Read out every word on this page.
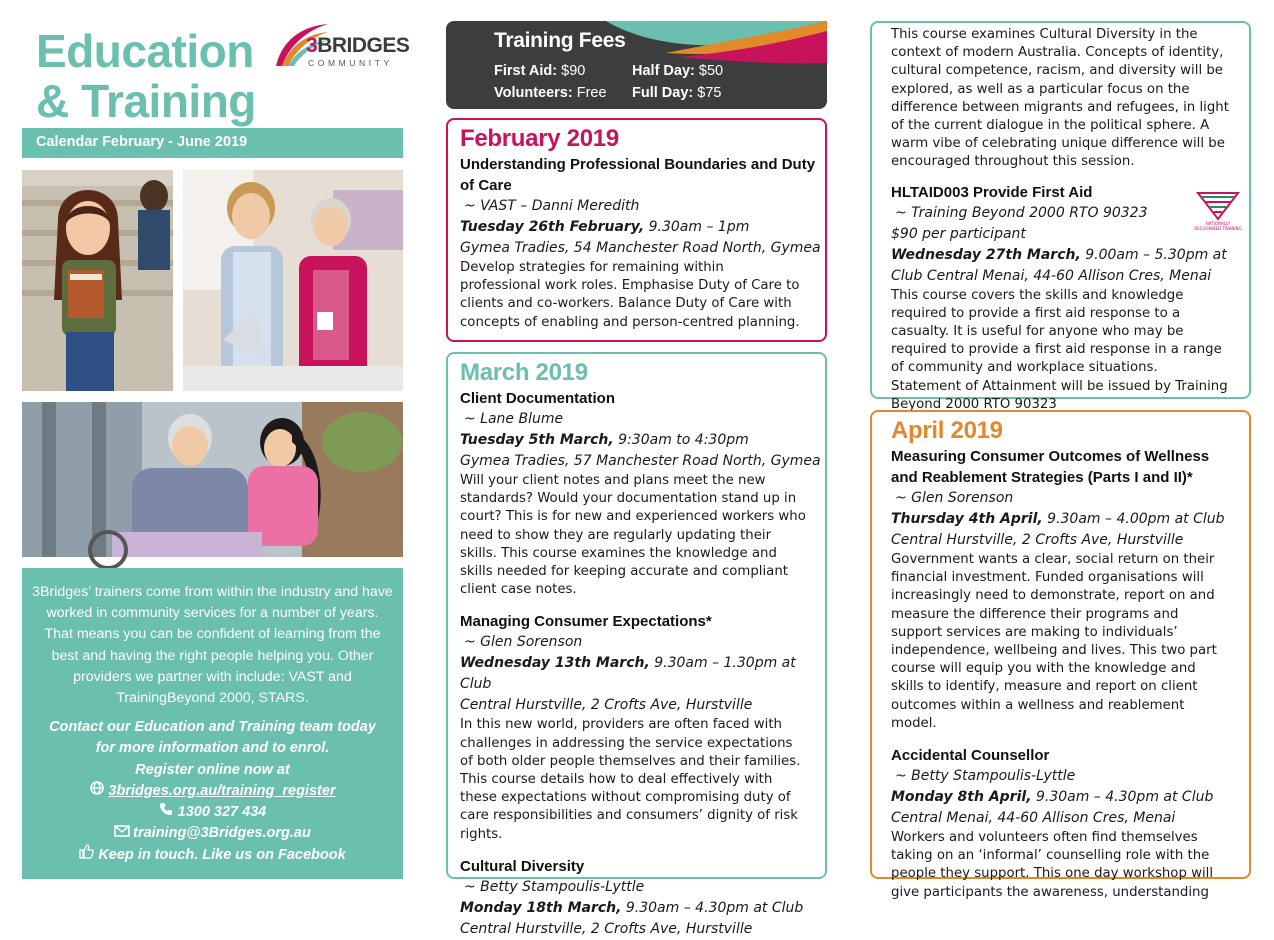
Education
& Training
3BRIDGES
COMMUNITY
Calendar February - June 2019

3Bridges’ trainers come from within the industry and have worked in community services for a number of years. That means you can be confident of learning from the best and having the right people helping you. Other providers we partner with include: VAST and TrainingBeyond 2000, STARS.

Contact our Education and Training team today
for more information and to enrol.
Register online now at
3bridges.org.au/training_register
1300 327 434
training@3Bridges.org.au
Keep in touch. Like us on Facebook
Training Fees
First Aid: $90	Half Day: $50
Volunteers: Free Full Day: $75
February 2019
Understanding Professional Boundaries and Duty of Care
~ VAST – Danni Meredith
Tuesday 26th February, 9.30am – 1pm
Gymea Tradies, 54 Manchester Road North, Gymea
Develop strategies for remaining within professional work roles. Emphasise Duty of Care to clients and co-workers. Balance Duty of Care with concepts of enabling and person-centred planning.
March 2019
Client Documentation
~ Lane Blume
Tuesday 5th March, 9:30am to 4:30pm
Gymea Tradies, 57 Manchester Road North, Gymea
Will your client notes and plans meet the new standards? Would your documentation stand up in court? This is for new and experienced workers who need to show they are regularly updating their skills. This course examines the knowledge and skills needed for keeping accurate and compliant client case notes.
Managing Consumer Expectations*
~ Glen Sorenson
Wednesday 13th March, 9.30am – 1.30pm at Club
Central Hurstville, 2 Crofts Ave, Hurstville
In this new world, providers are often faced with challenges in addressing the service expectations of both older people themselves and their families. This course details how to deal effectively with these expectations without compromising duty of care responsibilities and consumers’ dignity of risk rights.
Cultural Diversity
~ Betty Stampoulis-Lyttle
Monday 18th March, 9.30am – 4.30pm at Club
Central Hurstville, 2 Crofts Ave, Hurstville
This course examines Cultural Diversity in the context of modern Australia. Concepts of identity, cultural competence, racism, and diversity will be explored, as well as a particular focus on the difference between migrants and refugees, in light of the current dialogue in the political sphere. A warm vibe of celebrating unique difference will be encouraged throughout this session.
HLTAID003 Provide First Aid
~ Training Beyond 2000 RTO 90323
$90 per participant
Wednesday 27th March, 9.00am – 5.30pm at
Club Central Menai, 44-60 Allison Cres, Menai
This course covers the skills and knowledge required to provide a first aid response to a casualty. It is useful for anyone who may be required to provide a first aid response in a range of community and workplace situations. Statement of Attainment will be issued by Training Beyond 2000 RTO 90323
NATIONALLY RECOGNISED TRAINING
April 2019
Measuring Consumer Outcomes of Wellness and Reablement Strategies (Parts I and II)*
~ Glen Sorenson
Thursday 4th April, 9.30am – 4.00pm at Club
Central Hurstville, 2 Crofts Ave, Hurstville
Government wants a clear, social return on their financial investment. Funded organisations will increasingly need to demonstrate, report on and measure the difference their programs and support services are making to individuals’ independence, wellbeing and lives. This two part course will equip you with the knowledge and skills to identify, measure and report on client outcomes within a wellness and reablement model.
Accidental Counsellor
~ Betty Stampoulis-Lyttle
Monday 8th April, 9.30am – 4.30pm at Club
Central Menai, 44-60 Allison Cres, Menai
Workers and volunteers often find themselves taking on an ‘informal’ counselling role with the people they support. This one day workshop will give participants the awareness, understanding
